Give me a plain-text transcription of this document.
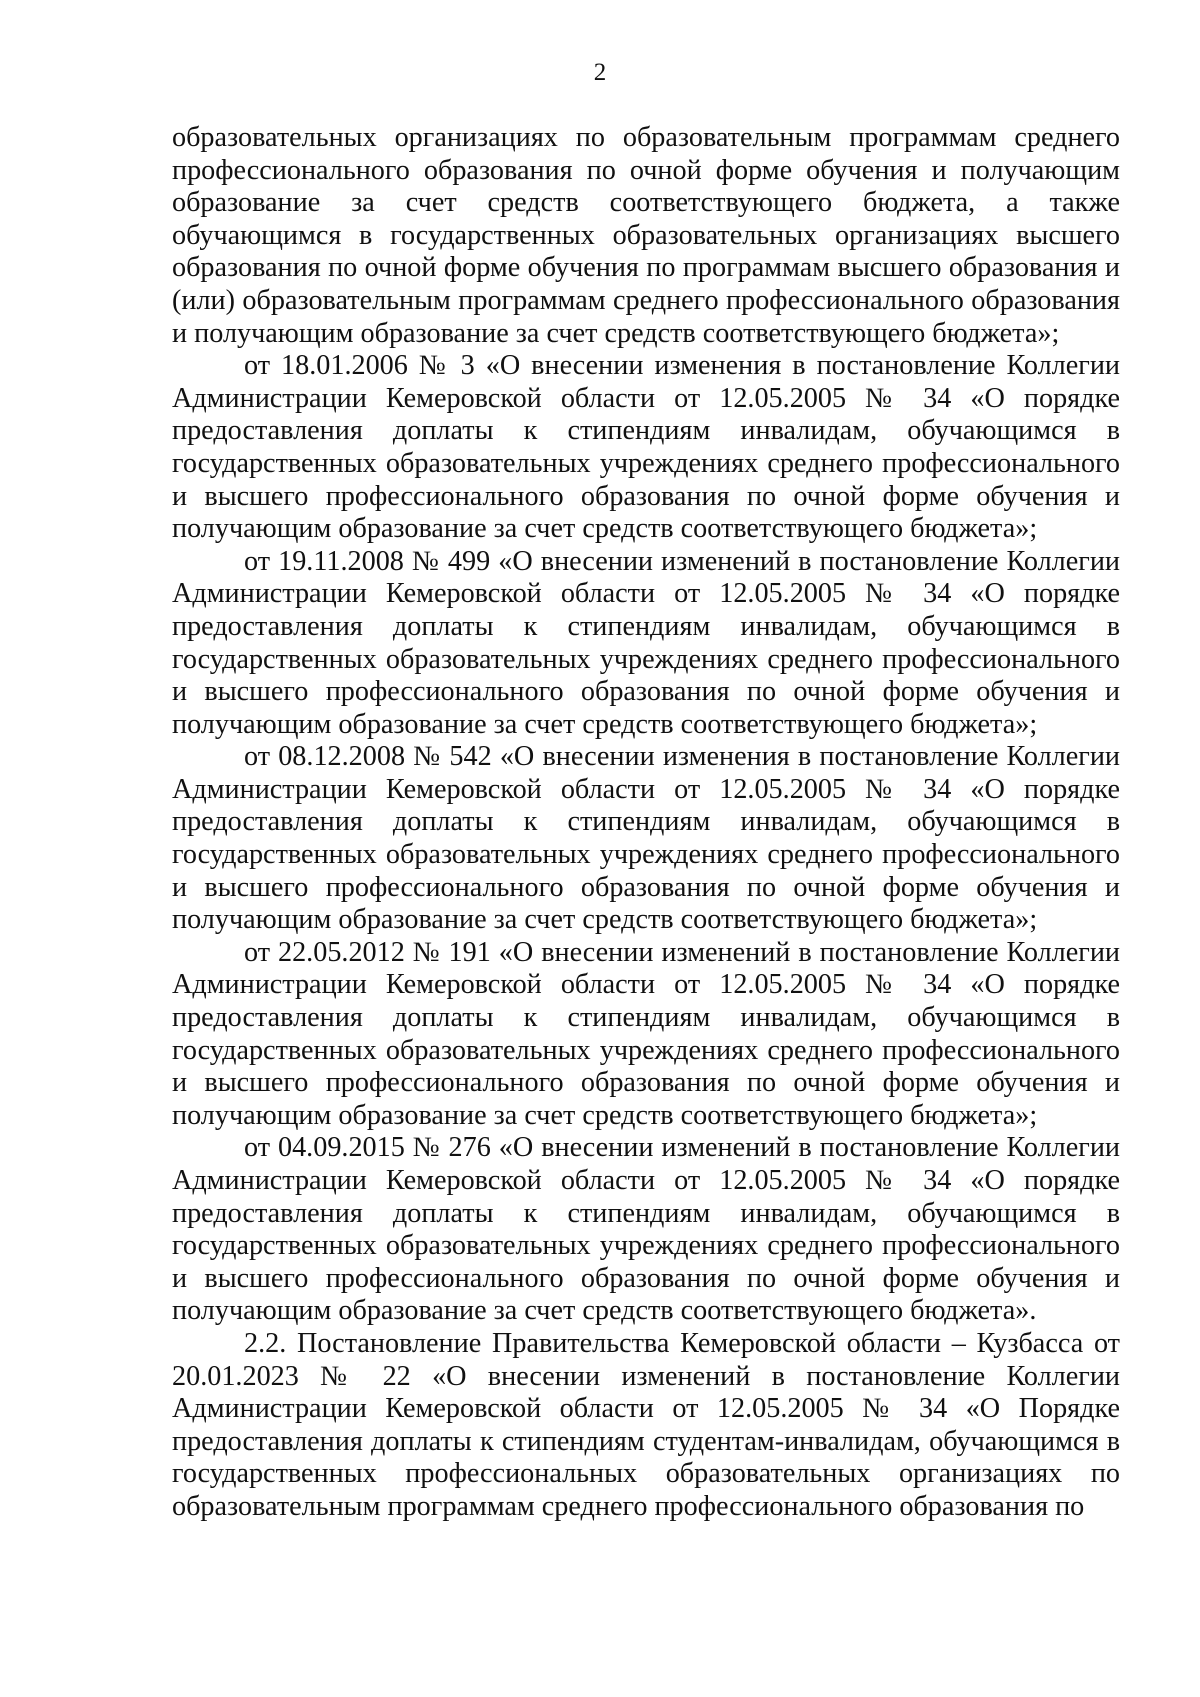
2

образовательных организациях по образовательным программам среднего профессионального образования по очной форме обучения и получающим образование за счет средств соответствующего бюджета, а также обучающимся в государственных образовательных организациях высшего образования по очной форме обучения по программам высшего образования и (или) образовательным программам среднего профессионального образования и получающим образование за счет средств соответствующего бюджета»;

от 18.01.2006 № 3 «О внесении изменения в постановление Коллегии Администрации Кемеровской области от 12.05.2005 № 34 «О порядке предоставления доплаты к стипендиям инвалидам, обучающимся в государственных образовательных учреждениях среднего профессионального и высшего профессионального образования по очной форме обучения и получающим образование за счет средств соответствующего бюджета»;

от 19.11.2008 № 499 «О внесении изменений в постановление Коллегии Администрации Кемеровской области от 12.05.2005 № 34 «О порядке предоставления доплаты к стипендиям инвалидам, обучающимся в государственных образовательных учреждениях среднего профессионального и высшего профессионального образования по очной форме обучения и получающим образование за счет средств соответствующего бюджета»;

от 08.12.2008 № 542 «О внесении изменения в постановление Коллегии Администрации Кемеровской области от 12.05.2005 № 34 «О порядке предоставления доплаты к стипендиям инвалидам, обучающимся в государственных образовательных учреждениях среднего профессионального и высшего профессионального образования по очной форме обучения и получающим образование за счет средств соответствующего бюджета»;

от 22.05.2012 № 191 «О внесении изменений в постановление Коллегии Администрации Кемеровской области от 12.05.2005 № 34 «О порядке предоставления доплаты к стипендиям инвалидам, обучающимся в государственных образовательных учреждениях среднего профессионального и высшего профессионального образования по очной форме обучения и получающим образование за счет средств соответствующего бюджета»;

от 04.09.2015 № 276 «О внесении изменений в постановление Коллегии Администрации Кемеровской области от 12.05.2005 № 34 «О порядке предоставления доплаты к стипендиям инвалидам, обучающимся в государственных образовательных учреждениях среднего профессионального и высшего профессионального образования по очной форме обучения и получающим образование за счет средств соответствующего бюджета».

2.2. Постановление Правительства Кемеровской области – Кузбасса от 20.01.2023 № 22 «О внесении изменений в постановление Коллегии Администрации Кемеровской области от 12.05.2005 № 34 «О Порядке предоставления доплаты к стипендиям студентам-инвалидам, обучающимся в государственных профессиональных образовательных организациях по образовательным программам среднего профессионального образования по
